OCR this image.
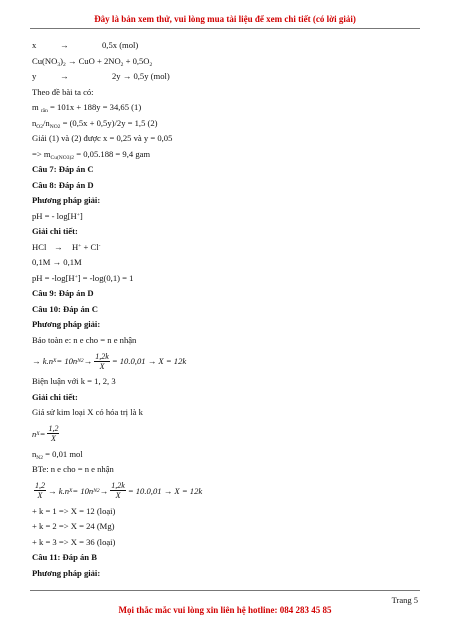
Đây là bản xem thử, vui lòng mua tài liệu để xem chi tiết (có lời giải)
x	→	0,5x (mol)
$Cu(NO_3)_2$ → CuO + $2NO_2 + 0,5O_2$
y	→	2y → 0,5y (mol)
Theo đề bài ta có:
m $_{rắn}$ = 101x + 188y = 34,65 (1)
$n_{O2}/n_{NO2} = (0,5x + 0,5y)/2y = 1,5$ (2)
Giải (1) và (2) được x = 0,25 và y = 0,05
=> $m_{Cu(NO3)2} = 0,05.188 = 9,4$ gam
Câu 7: Đáp án C
Câu 8: Đáp án D
Phương pháp giải:
pH = - log[H+]
Giải chi tiết:
HCl → H+ + Cl-
0,1M → 0,1M
pH = -log[H+] = -log(0,1) = 1
Câu 9: Đáp án D
Câu 10: Đáp án C
Phương pháp giải:
Bảo toàn e: n e cho = n e nhận
→ k.n X = 10n $N2 \to \frac{1,2k}{X} = 10.0,01 \to X = 12k$
Biện luận với k = 1, 2, 3
Giải chi tiết:
Giả sử kim loại X có hóa trị là k
n $X = \frac{1,2}{X}$
$n_{N2} = 0,01$ mol
BTe: n e cho = n e nhận
$\frac{1,2}{X} \to k.n$ X = 10n $N2 \to \frac{1,2k}{X} = 10.0,01 \to X = 12k$
+ k = 1 => X = 12 (loại)
+ k = 2 => X = 24 (Mg)
+ k = 3 => X = 36 (loại)
Câu 11: Đáp án B
Phương pháp giải:
Trang 5
Mọi thắc mắc vui lòng xin liên hệ hotline: 084 283 45 85
